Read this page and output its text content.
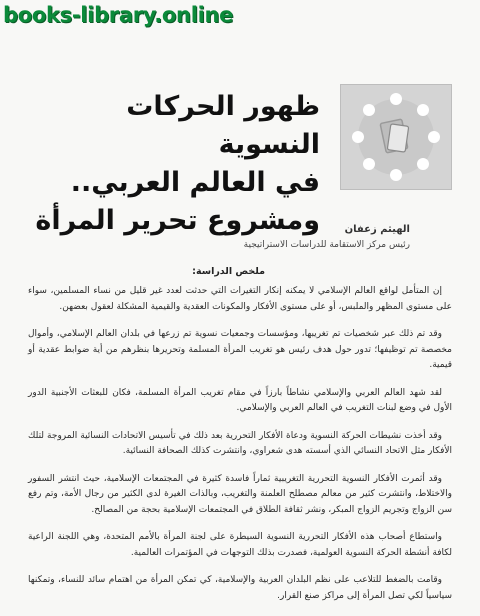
books-library.online
ظهور الحركات النسوية
في العالم العربي..
ومشروع تحرير المرأة	الهيثم زعفان
رئيس مركز الاستقامة للدراسات الاستراتيجية
ملخص الدراسة:

إن المتأمل لواقع العالم الإسلامي لا يمكنه إنكار التغيرات التي حدثت لعدد غير قليل من نساء المسلمين، سواء على مستوى المظهر والملبس، أو على مستوى الأفكار والمكونات العقدية والقيمية المشكلة لعقول بعضهن.

وقد تم ذلك عبر شخصيات تم تغريبها، ومؤسسات وجمعيات نسوية تم زرعها في بلدان العالم الإسلامي، وأموال مخصصة تم توظيفها؛ تدور حول هدف رئيس هو تغريب المرأة المسلمة وتحريرها بنظرهم من أية ضوابط عقدية أو قيمية.

لقد شهد العالم العربي والإسلامي نشاطاً بارزاً في مقام تغريب المرأة المسلمة، فكان للبعثات الأجنبية الدور الأول في وضع لبنات التغريب في العالم العربي والإسلامي.

وقد أخذت نشيطات الحركة النسوية ودعاة الأفكار التحررية بعد ذلك في تأسيس الاتحادات النسائية المروجة لتلك الأفكار مثل الاتحاد النسائي الذي أسسته هدى شعراوي، وانتشرت كذلك الصحافة النسائية.

وقد أثمرت الأفكار النسوية التحررية التغريبية ثماراً فاسدة كثيرة في المجتمعات الإسلامية، حيث انتشر السفور والاختلاط، وانتشرت كثير من معالم مصطلح العلمنة والتغريب، وبالذات الغيرة لدى الكثير من رجال الأمة، وتم رفع سن الزواج وتجريم الزواج المبكر، ونشر ثقافة الطلاق في المجتمعات الإسلامية بحجة من المصالح.

واستطاع أصحاب هذه الأفكار التحررية النسوية السيطرة على لجنة المرأة بالأمم المتحدة، وهي اللجنة الراعية لكافة أنشطة الحركة النسوية العولمية، فصدرت بذلك التوجهات في المؤتمرات العالمية.

وقامت بالضغط للتلاعب على نظم البلدان العربية والإسلامية، كي تمكن المرأة من اهتمام سائد للنساء، وتمكنها سياسياً لكي تصل المرأة إلى مراكز صنع القرار.
